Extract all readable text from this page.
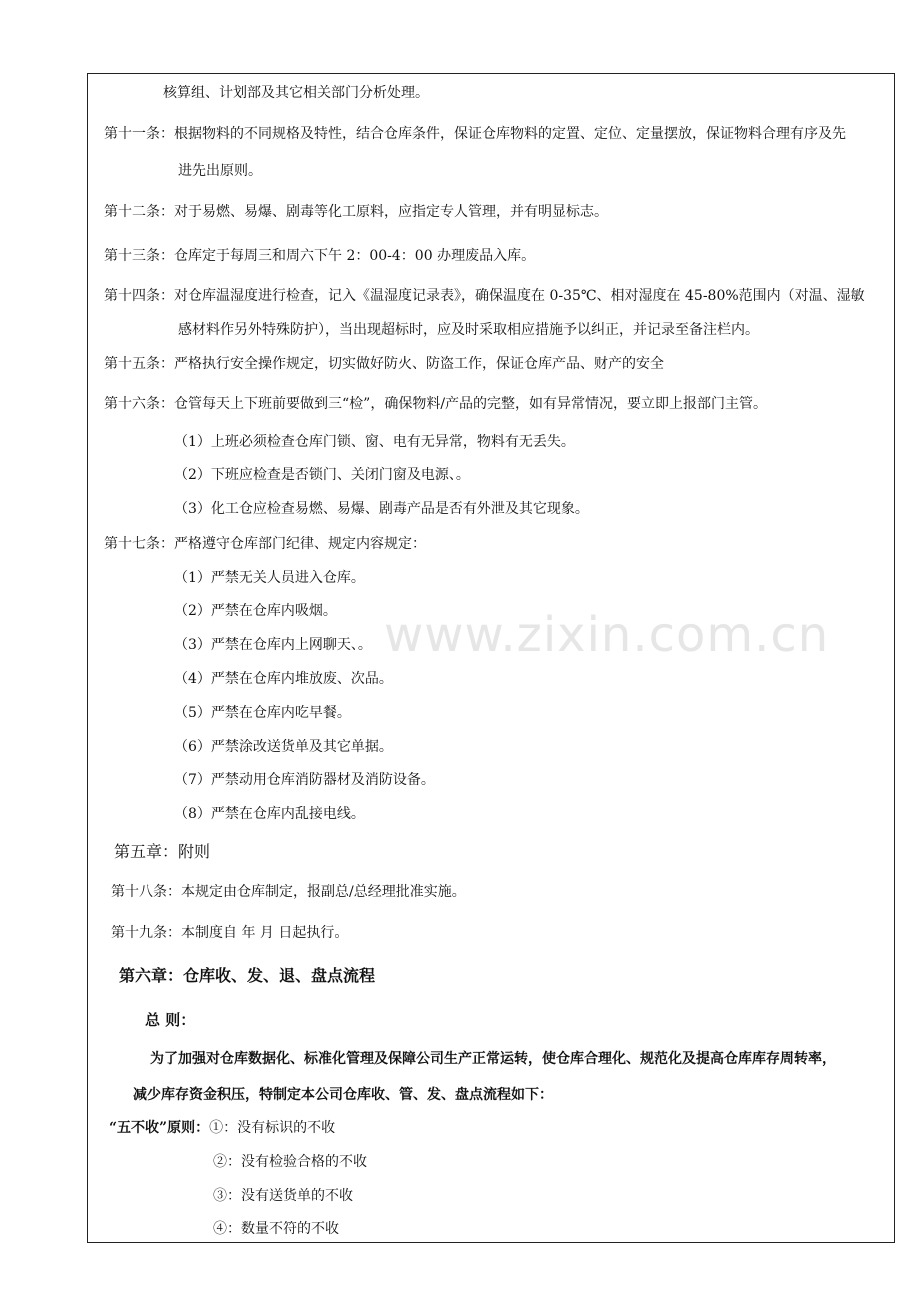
www.zixin.com.cn
核算组、计划部及其它相关部门分析处理。
第十一条：根据物料的不同规格及特性，结合仓库条件，保证仓库物料的定置、定位、定量摆放，保证物料合理有序及先
进先出原则。
第十二条：对于易燃、易爆、剧毒等化工原料，应指定专人管理，并有明显标志。
第十三条：仓库定于每周三和周六下午 2：00-4：00 办理废品入库。
第十四条：对仓库温湿度进行检查，记入《温湿度记录表》，确保温度在 0-35℃、相对湿度在 45-80%范围内（对温、湿敏
感材料作另外特殊防护），当出现超标时，应及时采取相应措施予以纠正，并记录至备注栏内。
第十五条：严格执行安全操作规定，切实做好防火、防盗工作，保证仓库产品、财产的安全
第十六条：仓管每天上下班前要做到三“检”，确保物料/产品的完整，如有异常情况，要立即上报部门主管。
（1）上班必须检查仓库门锁、窗、电有无异常，物料有无丢失。
（2）下班应检查是否锁门、关闭门窗及电源、。
（3）化工仓应检查易燃、易爆、剧毒产品是否有外泄及其它现象。
第十七条：严格遵守仓库部门纪律、规定内容规定：
（1）严禁无关人员进入仓库。
（2）严禁在仓库内吸烟。
（3）严禁在仓库内上网聊天、。
（4）严禁在仓库内堆放废、次品。
（5）严禁在仓库内吃早餐。
（6）严禁涂改送货单及其它单据。
（7）严禁动用仓库消防器材及消防设备。
（8）严禁在仓库内乱接电线。
第五章：附则
第十八条：本规定由仓库制定，报副总/总经理批准实施。
第十九条：本制度自 年 月 日起执行。
第六章：仓库收、发、退、盘点流程
总 则：
为了加强对仓库数据化、标准化管理及保障公司生产正常运转，使仓库合理化、规范化及提高仓库库存周转率，
减少库存资金积压，特制定本公司仓库收、管、发、盘点流程如下：
“五不收”原则：①：没有标识的不收
②：没有检验合格的不收
③：没有送货单的不收
④：数量不符的不收
